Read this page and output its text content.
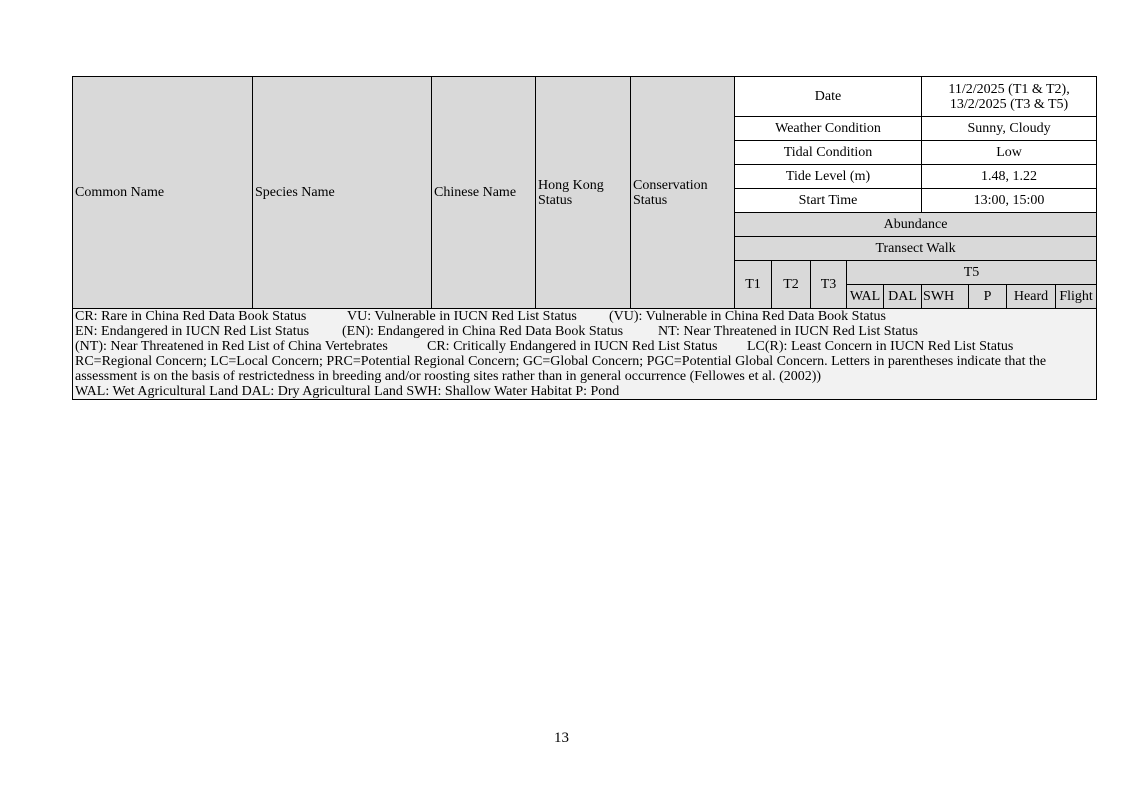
Common Name	Species Name	Chinese Name	Hong Kong Status	Conservation Status	Date					11/2/2025 (T1 & T2), 13/2/2025 (T3 & T5)			
					Weather Condition					Sunny, Cloudy			
					Tidal Condition					Low			
					Tide Level (m)					1.48, 1.22			
					Start Time					13:00, 15:00			
					Abundance								
					Transect Walk								
					T1	T2	T3	T5					
								WAL	DAL	SWH	P	Heard	Flight

CR: Rare in China Red Data Book Status VU: Vulnerable in IUCN Red List Status (VU): Vulnerable in China Red Data Book Status
EN: Endangered in IUCN Red List Status (EN): Endangered in China Red Data Book Status NT: Near Threatened in IUCN Red List Status
(NT): Near Threatened in Red List of China Vertebrates CR: Critically Endangered in IUCN Red List Status LC(R): Least Concern in IUCN Red List Status
RC=Regional Concern; LC=Local Concern; PRC=Potential Regional Concern; GC=Global Concern; PGC=Potential Global Concern. Letters in parentheses indicate that the assessment is on the basis of restrictedness in breeding and/or roosting sites rather than in general occurrence (Fellowes et al. (2002))
WAL: Wet Agricultural Land DAL: Dry Agricultural Land SWH: Shallow Water Habitat P: Pond													
13
